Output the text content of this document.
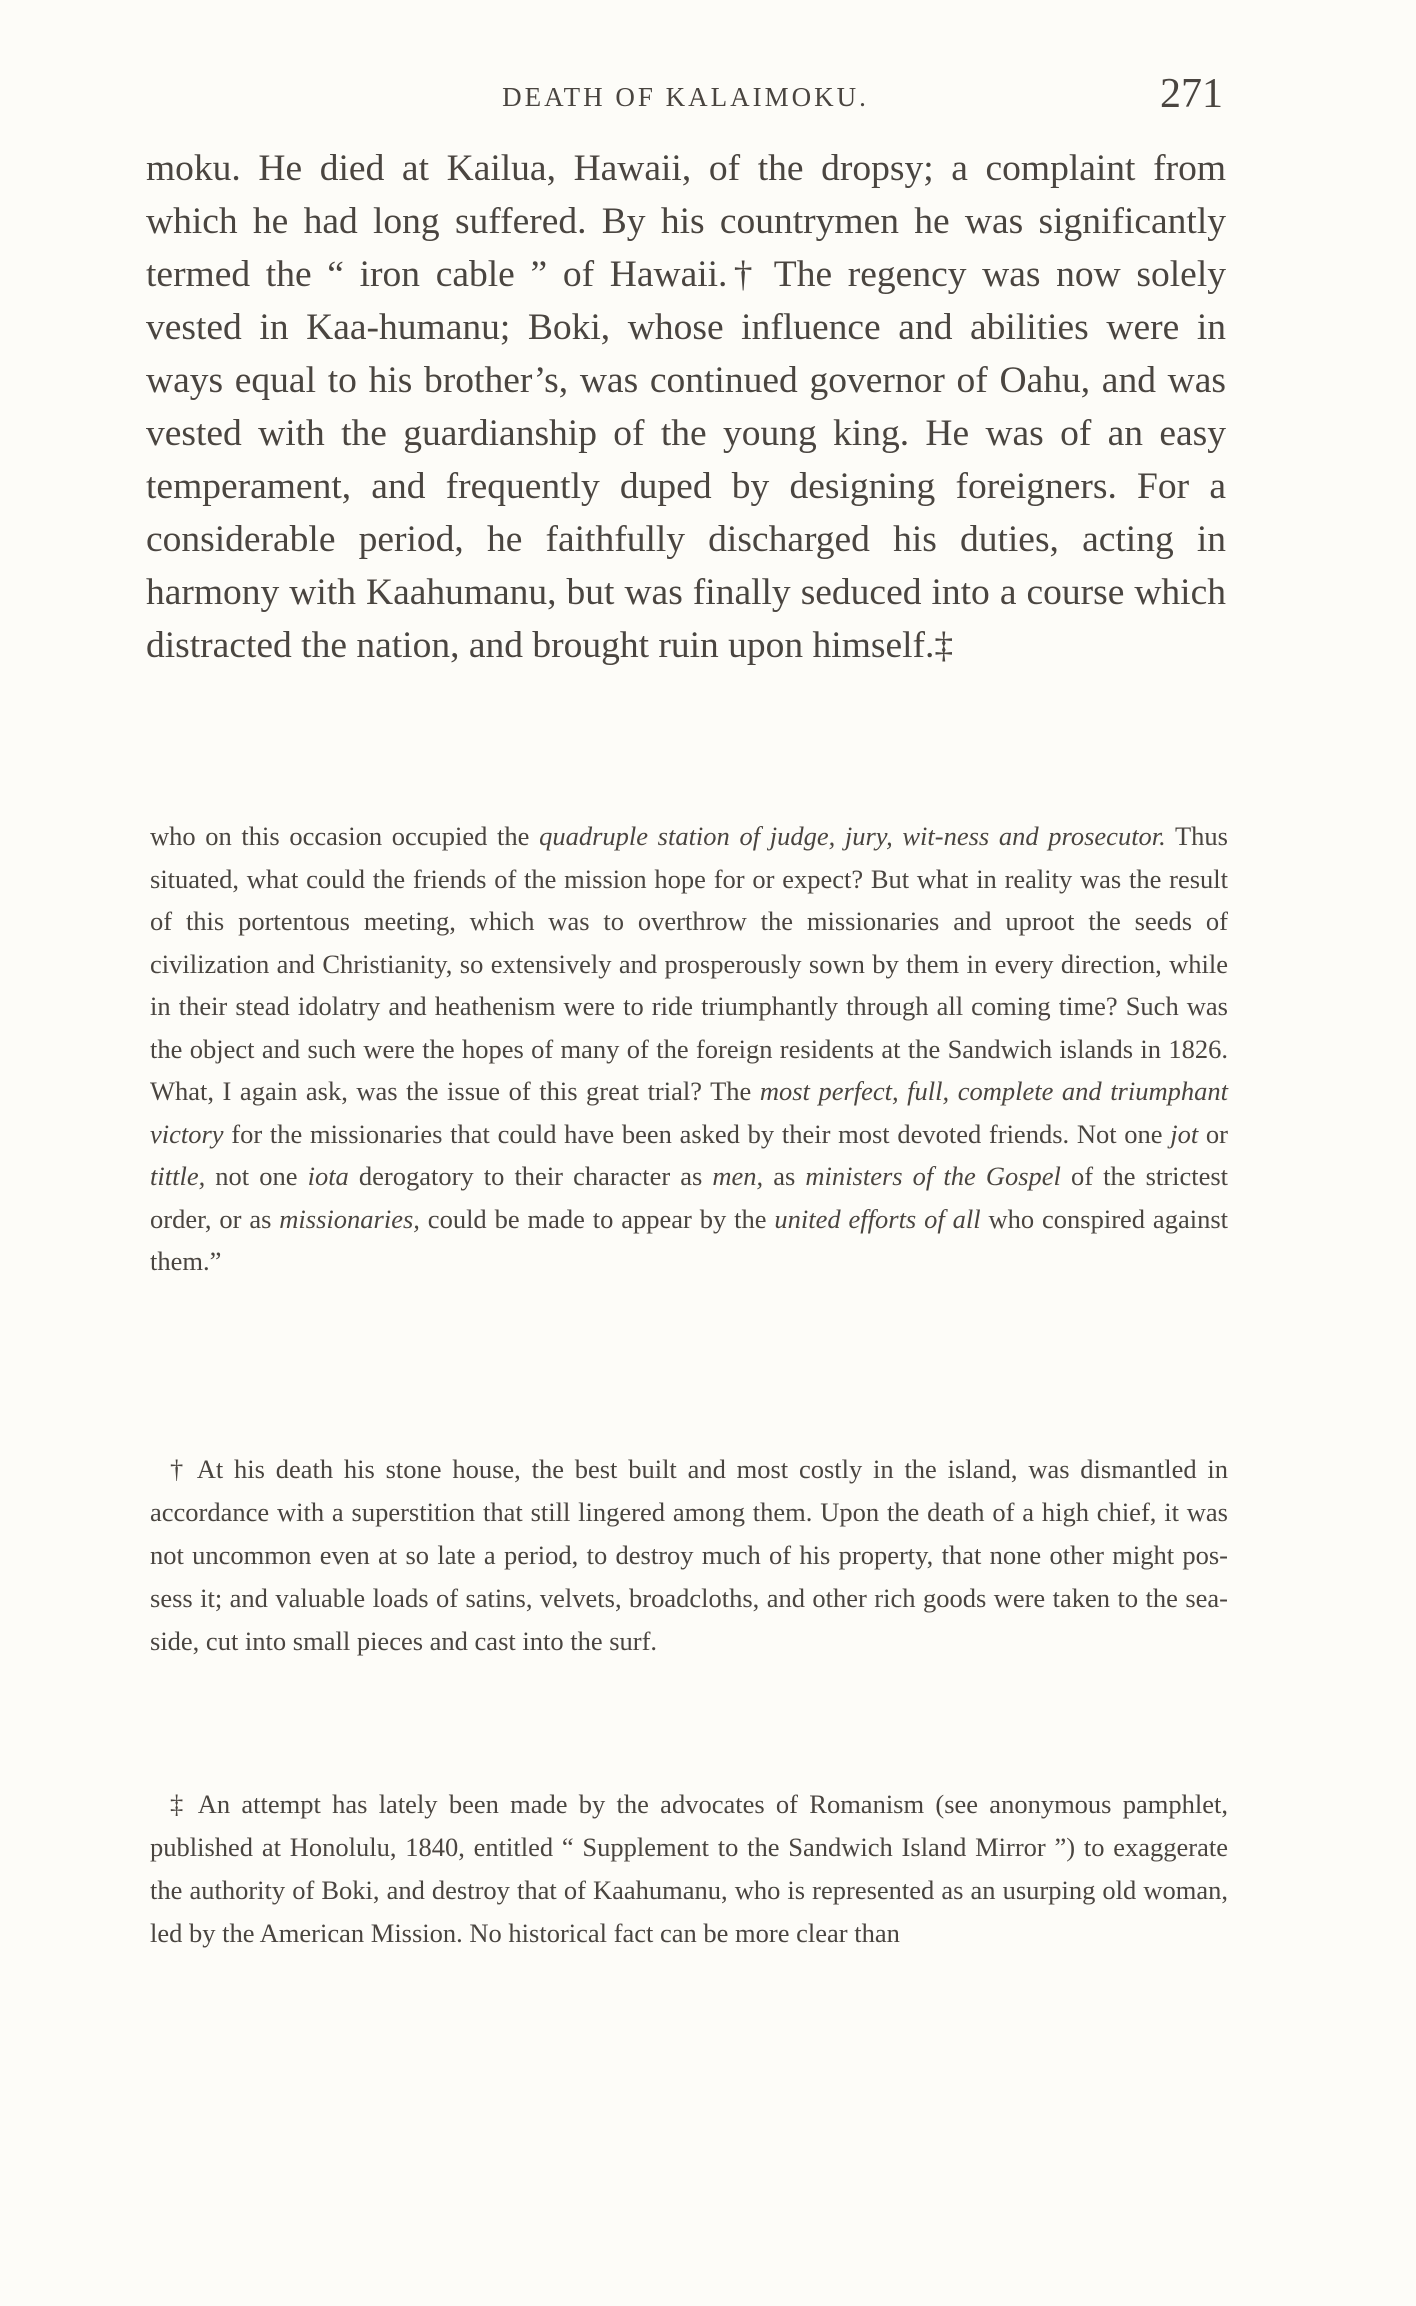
DEATH OF KALAIMOKU.	271
moku. He died at Kailua, Hawaii, of the dropsy; a complaint from which he had long suffered. By his countrymen he was significantly termed the “ iron cable ” of Hawaii.† The regency was now solely vested in Kaa-humanu; Boki, whose influence and abilities were in ways equal to his brother’s, was continued governor of Oahu, and was vested with the guardianship of the young king. He was of an easy temperament, and frequently duped by designing foreigners. For a considerable period, he faithfully discharged his duties, acting in harmony with Kaahumanu, but was finally seduced into a course which distracted the nation, and brought ruin upon himself.‡
who on this occasion occupied the quadruple station of judge, jury, wit-ness and prosecutor. Thus situated, what could the friends of the mission hope for or expect? But what in reality was the result of this portentous meeting, which was to overthrow the missionaries and uproot the seeds of civilization and Christianity, so extensively and prosperously sown by them in every direction, while in their stead idolatry and heathenism were to ride triumphantly through all coming time? Such was the object and such were the hopes of many of the foreign residents at the Sandwich islands in 1826. What, I again ask, was the issue of this great trial? The most perfect, full, complete and triumphant victory for the missionaries that could have been asked by their most devoted friends. Not one jot or tittle, not one iota derogatory to their character as men, as ministers of the Gospel of the strictest order, or as missionaries, could be made to appear by the united efforts of all who conspired against them.”

† At his death his stone house, the best built and most costly in the island, was dismantled in accordance with a superstition that still lingered among them. Upon the death of a high chief, it was not uncommon even at so late a period, to destroy much of his property, that none other might pos-sess it; and valuable loads of satins, velvets, broadcloths, and other rich goods were taken to the sea-side, cut into small pieces and cast into the surf.

‡ An attempt has lately been made by the advocates of Romanism (see anonymous pamphlet, published at Honolulu, 1840, entitled “ Supplement to the Sandwich Island Mirror ”) to exaggerate the authority of Boki, and destroy that of Kaahumanu, who is represented as an usurping old woman, led by the American Mission. No historical fact can be more clear than
